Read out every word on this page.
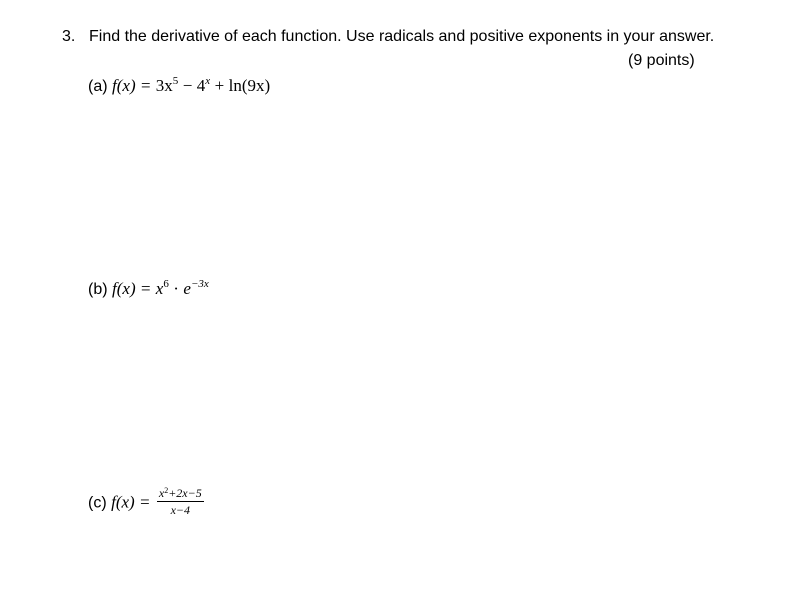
3. Find the derivative of each function. Use radicals and positive exponents in your answer.
(9 points)
(a) $f(x) = 3x^5 - 4^x + \ln(9x)$
(b) $f(x) = x^6 \cdot e^{-3x}$
(c) $f(x) = \frac{x^2+2x-5}{x-4}$
